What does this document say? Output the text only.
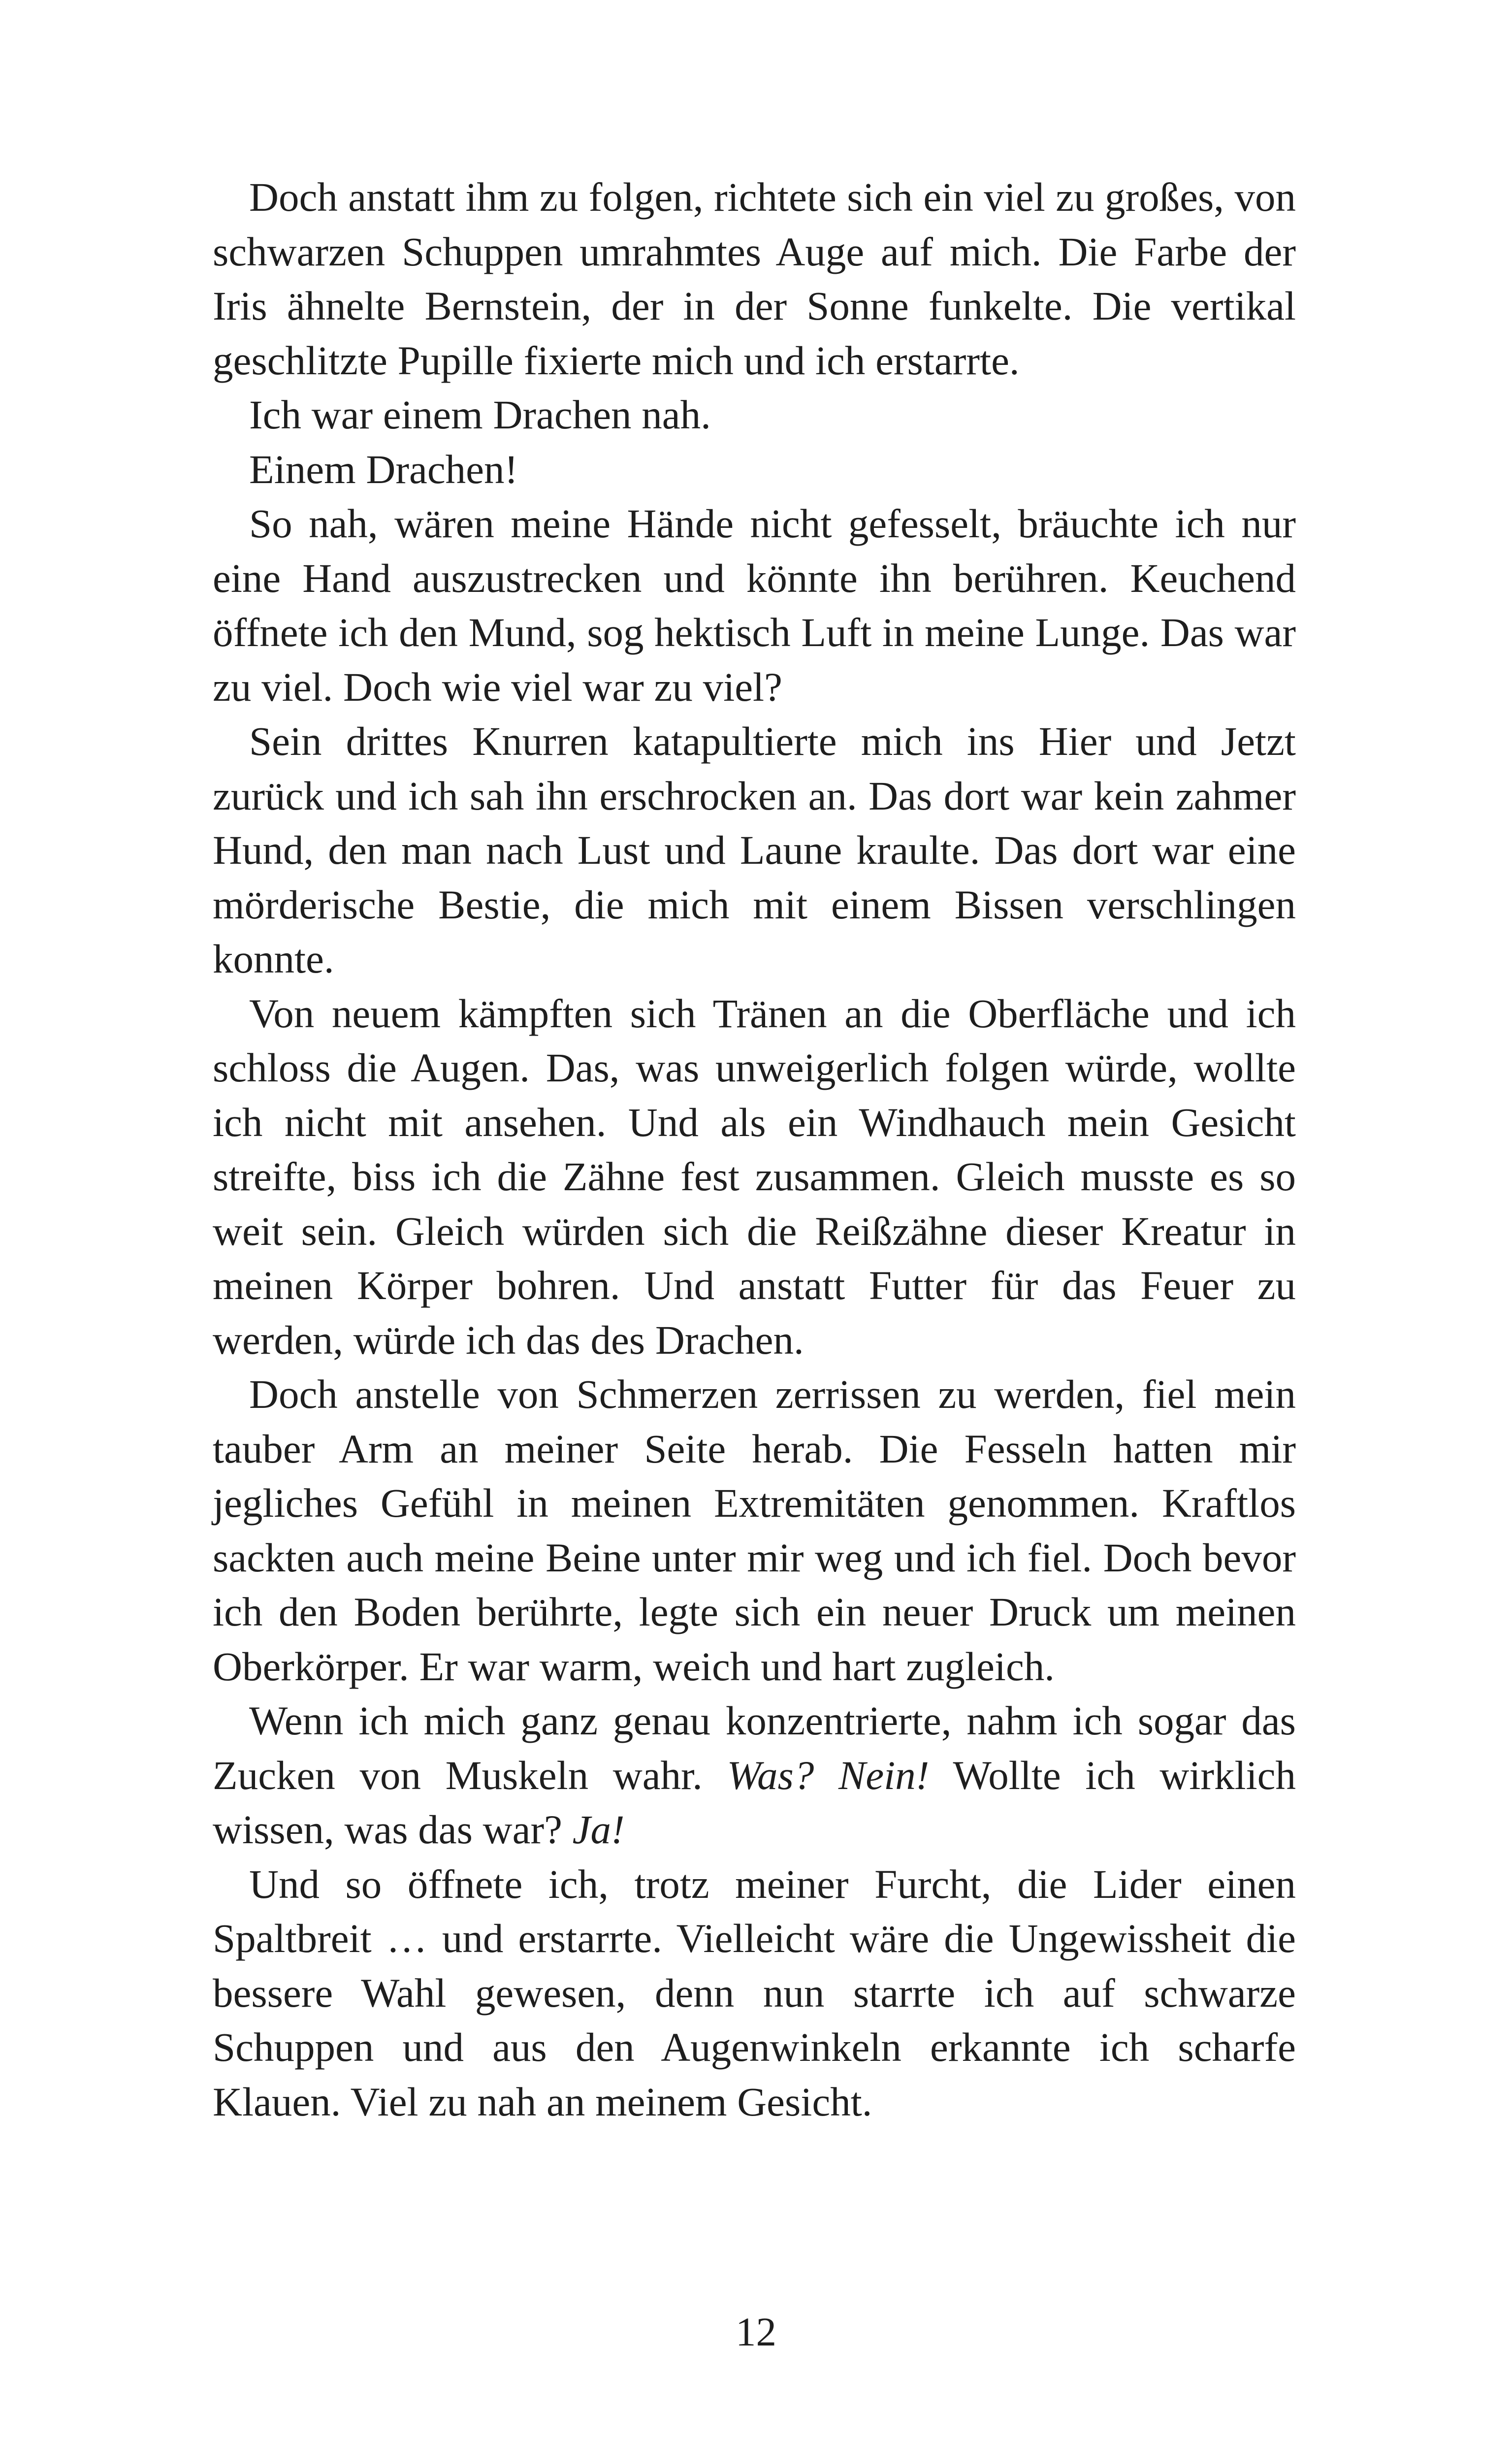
Doch anstatt ihm zu folgen, richtete sich ein viel zu großes, von schwarzen Schuppen umrahmtes Auge auf mich. Die Farbe der Iris ähnelte Bernstein, der in der Sonne funkelte. Die vertikal geschlitzte Pupille fixierte mich und ich erstarrte.

Ich war einem Drachen nah.

Einem Drachen!

So nah, wären meine Hände nicht gefesselt, bräuchte ich nur eine Hand auszustrecken und könnte ihn berühren. Keuchend öffnete ich den Mund, sog hektisch Luft in meine Lunge. Das war zu viel. Doch wie viel war zu viel?

Sein drittes Knurren katapultierte mich ins Hier und Jetzt zurück und ich sah ihn erschrocken an. Das dort war kein zahmer Hund, den man nach Lust und Laune kraulte. Das dort war eine mörderische Bestie, die mich mit einem Bissen verschlingen konnte.

Von neuem kämpften sich Tränen an die Oberfläche und ich schloss die Augen. Das, was unweigerlich folgen würde, wollte ich nicht mit ansehen. Und als ein Windhauch mein Gesicht streifte, biss ich die Zähne fest zusammen. Gleich musste es so weit sein. Gleich würden sich die Reißzähne dieser Kreatur in meinen Körper bohren. Und anstatt Futter für das Feuer zu werden, würde ich das des Drachen.

Doch anstelle von Schmerzen zerrissen zu werden, fiel mein tauber Arm an meiner Seite herab. Die Fesseln hatten mir jegliches Gefühl in meinen Extremitäten genommen. Kraftlos sackten auch meine Beine unter mir weg und ich fiel. Doch bevor ich den Boden berührte, legte sich ein neuer Druck um meinen Oberkörper. Er war warm, weich und hart zugleich.

Wenn ich mich ganz genau konzentrierte, nahm ich sogar das Zucken von Muskeln wahr. Was? Nein! Wollte ich wirklich wissen, was das war? Ja!

Und so öffnete ich, trotz meiner Furcht, die Lider einen Spaltbreit … und erstarrte. Vielleicht wäre die Ungewissheit die bessere Wahl gewesen, denn nun starrte ich auf schwarze Schuppen und aus den Augenwinkeln erkannte ich scharfe Klauen. Viel zu nah an meinem Gesicht.

12
